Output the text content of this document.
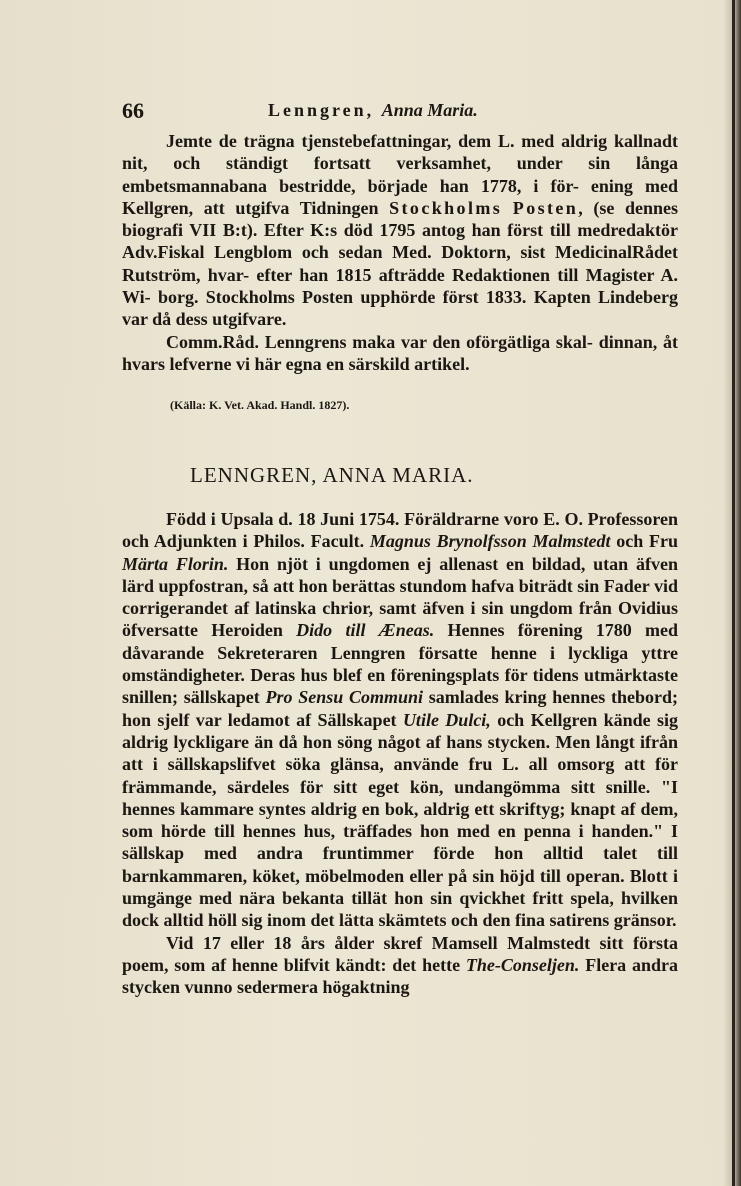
66	Lenngren, Anna Maria.

Jemte de trägna tjenstebefattningar, dem L. med aldrig kallnadt nit, och ständigt fortsatt verksamhet, under sin långa embetsmannabana bestridde, började han 1778, i för- ening med Kellgren, att utgifva Tidningen Stockholms Posten, (se dennes biografi VII B:t). Efter K:s död 1795 antog han först till medredaktör Adv.Fiskal Lengblom och sedan Med. Doktorn, sist MedicinalRådet Rutström, hvar- efter han 1815 afträdde Redaktionen till Magister A. Wi- borg. Stockholms Posten upphörde först 1833. Kapten Lindeberg var då dess utgifvare.

Comm.Råd. Lenngrens maka var den oförgätliga skal- dinnan, åt hvars lefverne vi här egna en särskild artikel.

(Källa: K. Vet. Akad. Handl. 1827).
LENNGREN, ANNA MARIA.

Född i Upsala d. 18 Juni 1754. Föräldrarne voro E. O. Professoren och Adjunkten i Philos. Facult. Magnus Brynolfsson Malmstedt och Fru Märta Florin. Hon njöt i ungdomen ej allenast en bildad, utan äfven lärd uppfostran, så att hon berättas stundom hafva biträdt sin Fader vid corrigerandet af latinska chrior, samt äfven i sin ungdom från Ovidius öfversatte Heroiden Dido till Æneas. Hennes förening 1780 med dåvarande Sekreteraren Lenngren försatte henne i lyckliga yttre omständigheter. Deras hus blef en föreningsplats för tidens utmärktaste snillen; sällskapet Pro Sensu Communi samlades kring hennes thebord; hon sjelf var ledamot af Sällskapet Utile Dulci, och Kellgren kände sig aldrig lyckligare än då hon söng något af hans stycken. Men långt ifrån att i sällskapslifvet söka glänsa, använde fru L. all omsorg att för främmande, särdeles för sitt eget kön, undangömma sitt snille. "I hennes kammare syntes aldrig en bok, aldrig ett skriftyg; knapt af dem, som hörde till hennes hus, träffades hon med en penna i handen." I sällskap med andra fruntimmer förde hon alltid talet till barnkammaren, köket, möbelmoden eller på sin höjd till operan. Blott i umgänge med nära bekanta tillät hon sin qvickhet fritt spela, hvilken dock alltid höll sig inom det lätta skämtets och den fina satirens gränsor.

Vid 17 eller 18 års ålder skref Mamsell Malmstedt sitt första poem, som af henne blifvit kändt: det hette The-Conseljen. Flera andra stycken vunno sedermera högaktning
